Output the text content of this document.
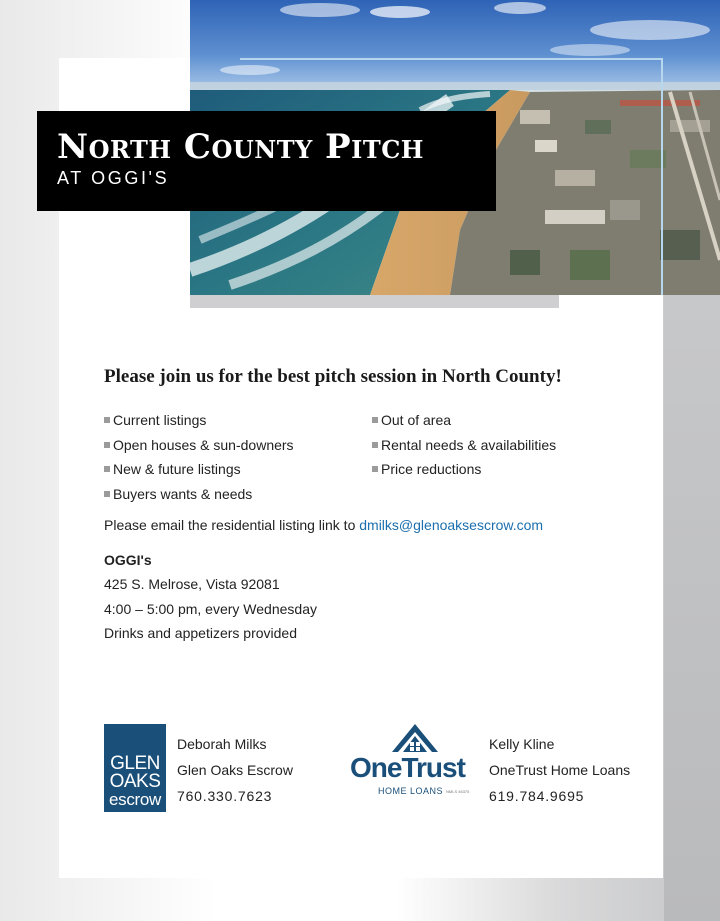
North County Pitch
AT OGGI'S
Please join us for the best pitch session in North County!
Current listings
Open houses & sun-downers
New & future listings
Buyers wants & needs
Out of area
Rental needs & availabilities
Price reductions
Please email the residential listing link to dmilks@glenoaksescrow.com
OGGI's
425 S. Melrose, Vista 92081
4:00 – 5:00 pm, every Wednesday
Drinks and appetizers provided
GLEN
OAKS
escrow
Deborah Milks
Glen Oaks Escrow
760.330.7623
OneTrust
HOME LOANS NMLS 46375
Kelly Kline
OneTrust Home Loans
619.784.9695
